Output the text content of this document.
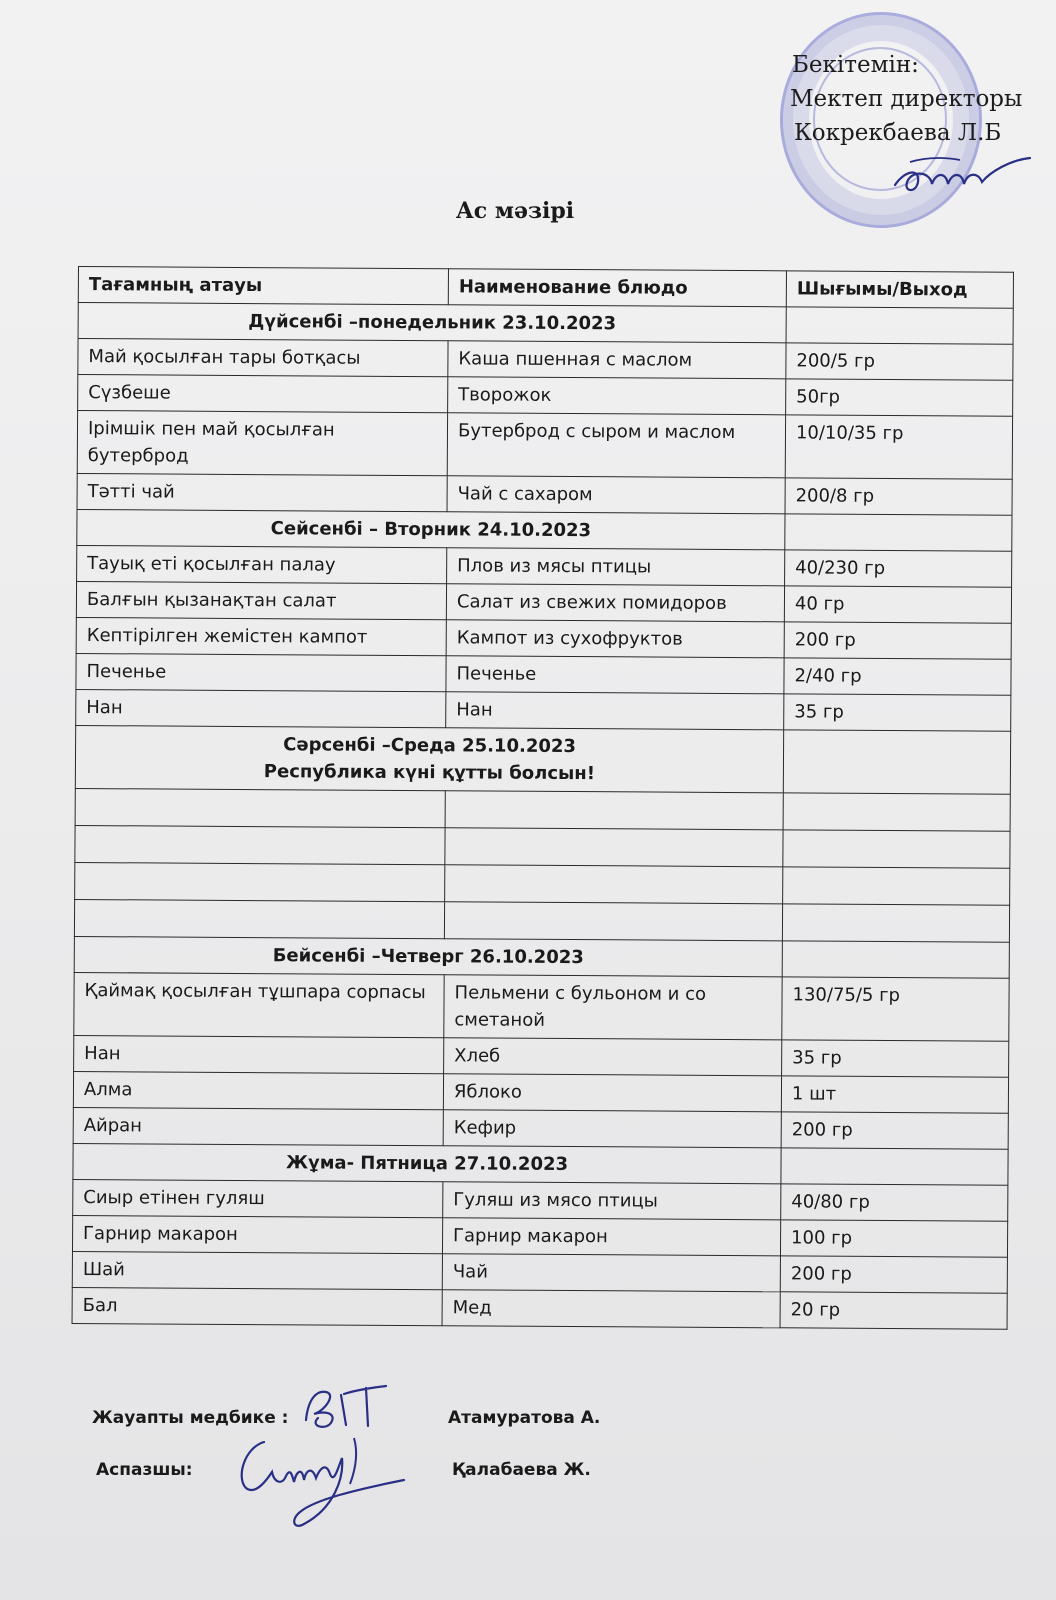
Бекітемін:
Мектеп директоры
Кокрекбаева Л.Б
Ас мәзірі
Тағамның атауы	Наименование блюдо	Шығымы/Выход

Дүйсенбі –понедельник 23.10.2023		

Май қосылған тары ботқасы	Каша пшенная с маслом	200/5 гр
Сүзбеше	Творожок	50гр
Ірімшік пен май қосылған бутерброд	Бутерброд с сыром и маслом	10/10/35 гр
Тәтті чай	Чай с сахаром	200/8 гр

Сейсенбі – Вторник 24.10.2023		

Тауық еті қосылған палау	Плов из мясы птицы	40/230 гр
Балғын қызанақтан салат	Салат из свежих помидоров	40 гр
Кептірілген жемістен кампот	Кампот из сухофруктов	200 гр
Печенье	Печенье	2/40 гр
Нан	Нан	35 гр

Сәрсенбі –Среда 25.10.2023
Республика күні құтты болсын!		

Бейсенбі –Четверг 26.10.2023		

Қаймақ қосылған тұшпара сорпасы	Пельмени с бульоном и со сметаной	130/75/5 гр
Нан	Хлеб	35 гр
Алма	Яблоко	1 шт
Айран	Кефир	200 гр

Жұма- Пятница 27.10.2023		

Сиыр етінен гуляш	Гуляш из мясо птицы	40/80 гр
Гарнир макарон	Гарнир макарон	100 гр
Шай	Чай	200 гр
Бал	Мед	20 гр
Жауапты медбике :	Атамуратова А.
Аспазшы:	Қалабаева Ж.
